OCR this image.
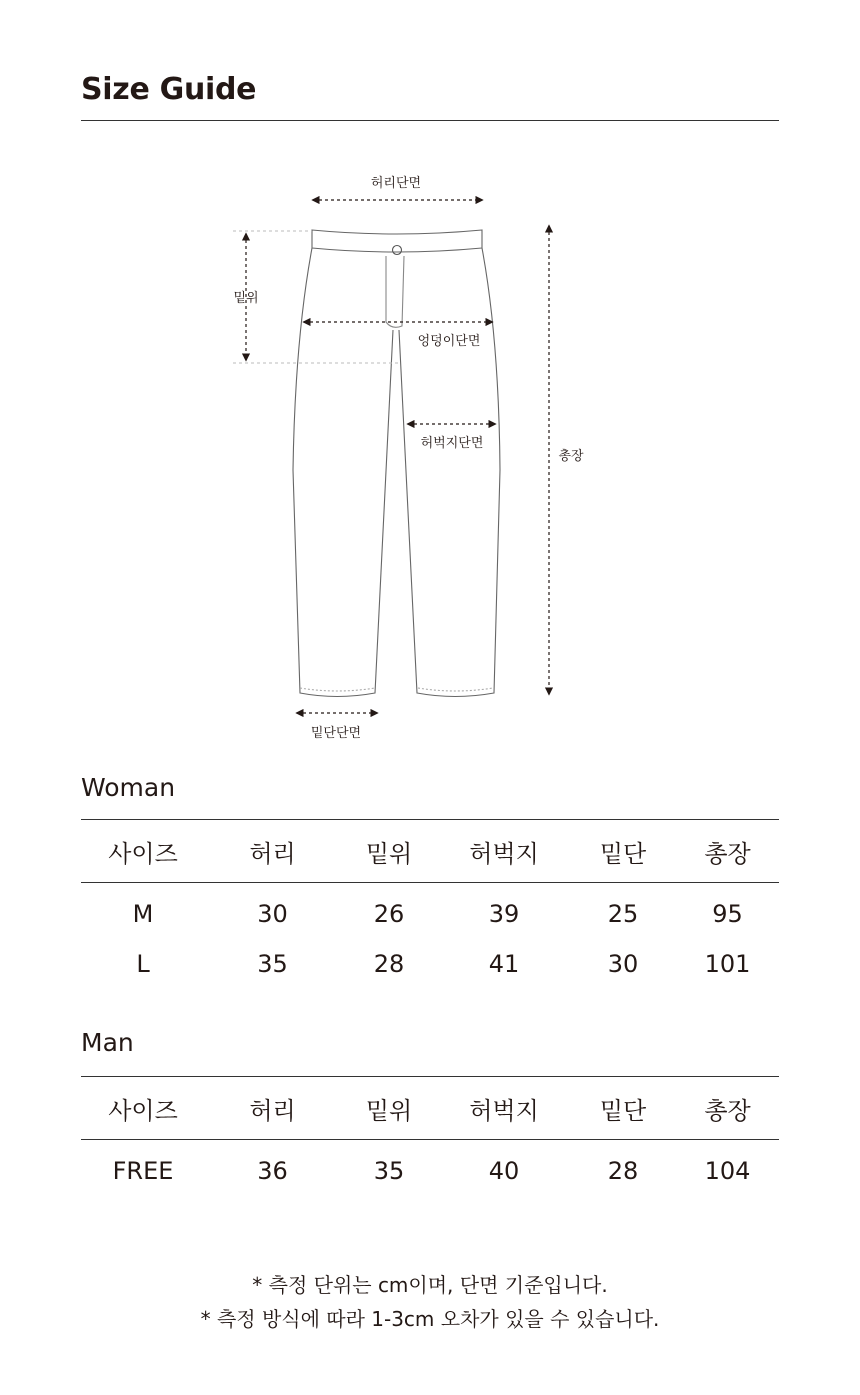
Size Guide
허리단면
밑위
엉덩이단면
허벅지단면
총장
밑단단면
Woman
사이즈	허리	밑위	허벅지	밑단	총장
M	30	26	39	25	95
L	35	28	41	30	101
Man
사이즈	허리	밑위	허벅지	밑단	총장
FREE	36	35	40	28	104

* 측정 단위는 cm이며, 단면 기준입니다.

* 측정 방식에 따라 1-3cm 오차가 있을 수 있습니다.
